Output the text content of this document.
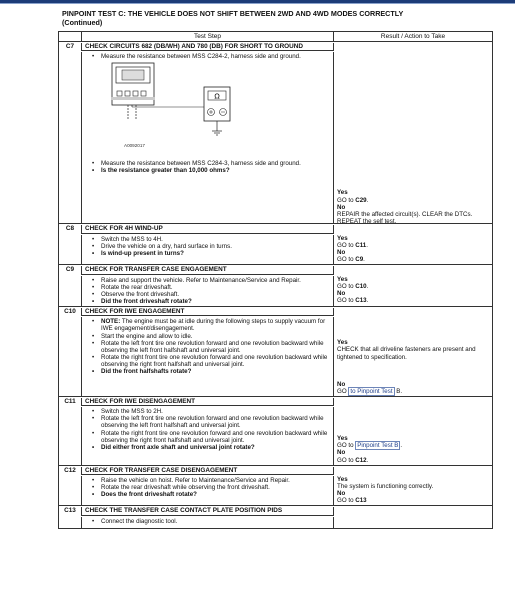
PINPOINT TEST C: THE VEHICLE DOES NOT SHIFT BETWEEN 2WD AND 4WD MODES CORRECTLY
(Continued)
Test Step	Result / Action to Take
C7	CHECK CIRCUITS 682 (DB/WH) AND 780 (DB) FOR SHORT TO GROUND
• Measure the resistance between MSS C284-2, harness side and ground.
Ω
A0092017
• Measure the resistance between MSS C284-3, harness side and ground.
• Is the resistance greater than 10,000 ohms?
Yes
GO to C29.
No
REPAIR the affected circuit(s). CLEAR the DTCs. REPEAT the self test.
C8	CHECK FOR 4H WIND-UP
• Switch the MSS to 4H.
• Drive the vehicle on a dry, hard surface in turns.
• Is wind-up present in turns?
Yes
GO to C11.
No
GO to C9.
C9	CHECK FOR TRANSFER CASE ENGAGEMENT
• Raise and support the vehicle. Refer to Maintenance/Service and Repair.
• Rotate the rear driveshaft.
• Observe the front driveshaft.
• Did the front driveshaft rotate?
Yes
GO to C10.
No
GO to C13.
C10	CHECK FOR IWE ENGAGEMENT
• NOTE: The engine must be at idle during the following steps to supply vacuum for IWE engagement/disengagement.
• Start the engine and allow to idle.
• Rotate the left front tire one revolution forward and one revolution backward while observing the left front halfshaft and universal joint.
• Rotate the right front tire one revolution forward and one revolution backward while observing the right front halfshaft and universal joint.
• Did the front halfshafts rotate?
Yes
CHECK that all driveline fasteners are present and tightened to specification.
No
GO to Pinpoint Test B.
C11	CHECK FOR IWE DISENGAGEMENT
• Switch the MSS to 2H.
• Rotate the left front tire one revolution forward and one revolution backward while observing the left front halfshaft and universal joint.
• Rotate the right front tire one revolution forward and one revolution backward while observing the right front halfshaft and universal joint.
• Did either front axle shaft and universal joint rotate?
Yes
GO to Pinpoint Test B .
No
GO to C12.
C12	CHECK FOR TRANSFER CASE DISENGAGEMENT
• Raise the vehicle on hoist. Refer to Maintenance/Service and Repair.
• Rotate the rear driveshaft while observing the front driveshaft.
• Does the front driveshaft rotate?
Yes
The system is functioning correctly.
No
GO to C13
C13	CHECK THE TRANSFER CASE CONTACT PLATE POSITION PIDS
• Connect the diagnostic tool.
